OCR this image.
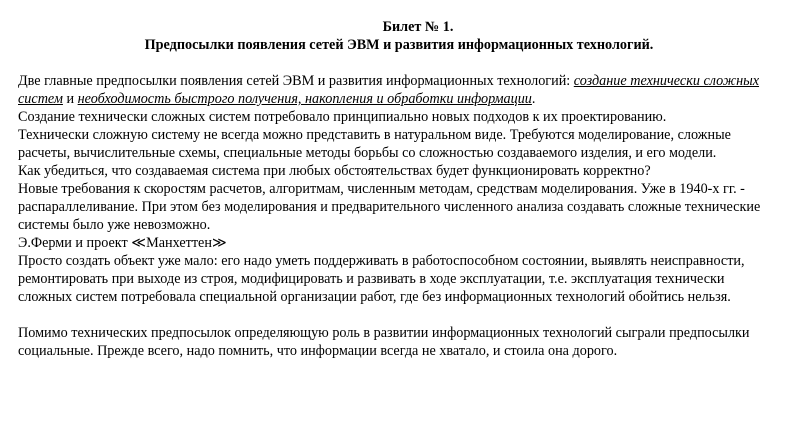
Билет № 1.
Предпосылки появления сетей ЭВМ и развития информационных технологий.

Две главные предпосылки появления сетей ЭВМ и развития информационных технологий: создание технически сложных систем и необходимость быстрого получения, накопления и обработки информации.

Создание технически сложных систем потребовало принципиально новых подходов к их проектированию.

Технически сложную систему не всегда можно представить в натуральном виде. Требуются моделирование, сложные расчеты, вычислительные схемы, специальные методы борьбы со сложностью создаваемого изделия, и его модели.

Как убедиться, что создаваемая система при любых обстоятельствах будет функционировать корректно?

Новые требования к скоростям расчетов, алгоритмам, численным методам, средствам моделирования. Уже в 1940-х гг. - распараллеливание. При этом без моделирования и предварительного численного анализа создавать сложные технические системы было уже невозможно.

Э.Ферми и проект ≪Манхеттен≫

Просто создать объект уже мало: его надо уметь поддерживать в работоспособном состоянии, выявлять неисправности, ремонтировать при выходе из строя, модифицировать и развивать в ходе эксплуатации, т.е. эксплуатация технически сложных систем потребовала специальной организации работ, где без информационных технологий обойтись нельзя.

Помимо технических предпосылок определяющую роль в развитии информационных технологий сыграли предпосылки социальные. Прежде всего, надо помнить, что информации всегда не хватало, и стоила она дорого.
